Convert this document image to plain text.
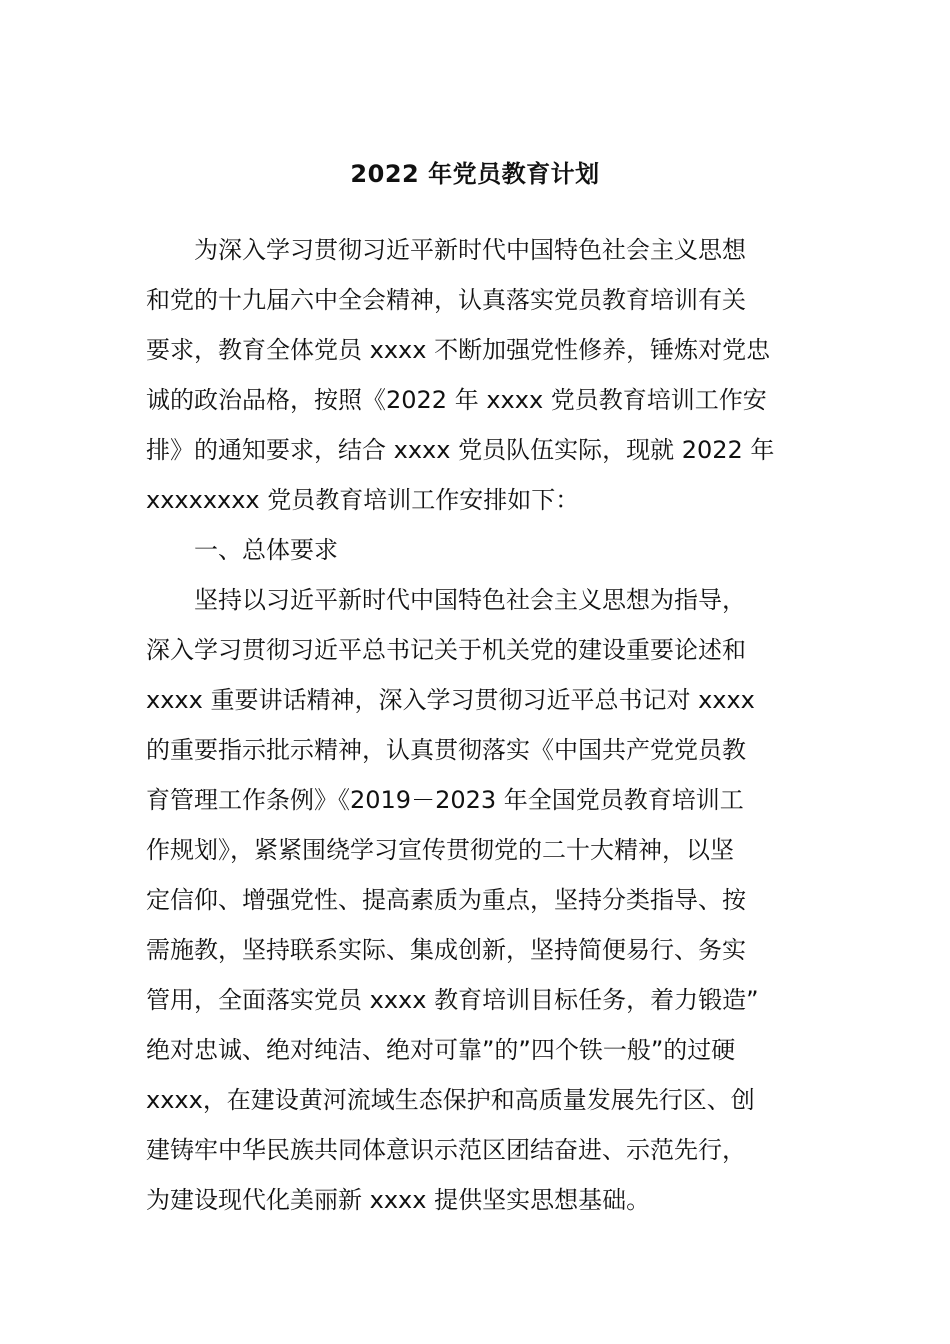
2022 年党员教育计划
为深入学习贯彻习近平新时代中国特色社会主义思想
和党的十九届六中全会精神，认真落实党员教育培训有关
要求，教育全体党员 xxxx 不断加强党性修养，锤炼对党忠
诚的政治品格，按照《2022 年 xxxx 党员教育培训工作安
排》的通知要求，结合 xxxx 党员队伍实际，现就 2022 年
xxxxxxxx 党员教育培训工作安排如下：
一、总体要求
坚持以习近平新时代中国特色社会主义思想为指导，
深入学习贯彻习近平总书记关于机关党的建设重要论述和
xxxx 重要讲话精神，深入学习贯彻习近平总书记对 xxxx
的重要指示批示精神，认真贯彻落实《中国共产党党员教
育管理工作条例》《2019－2023 年全国党员教育培训工
作规划》，紧紧围绕学习宣传贯彻党的二十大精神，以坚
定信仰、增强党性、提高素质为重点，坚持分类指导、按
需施教，坚持联系实际、集成创新，坚持简便易行、务实
管用，全面落实党员 xxxx 教育培训目标任务，着力锻造”
绝对忠诚、绝对纯洁、绝对可靠”的”四个铁一般”的过硬
xxxx，在建设黄河流域生态保护和高质量发展先行区、创
建铸牢中华民族共同体意识示范区团结奋进、示范先行，
为建设现代化美丽新 xxxx 提供坚实思想基础。
